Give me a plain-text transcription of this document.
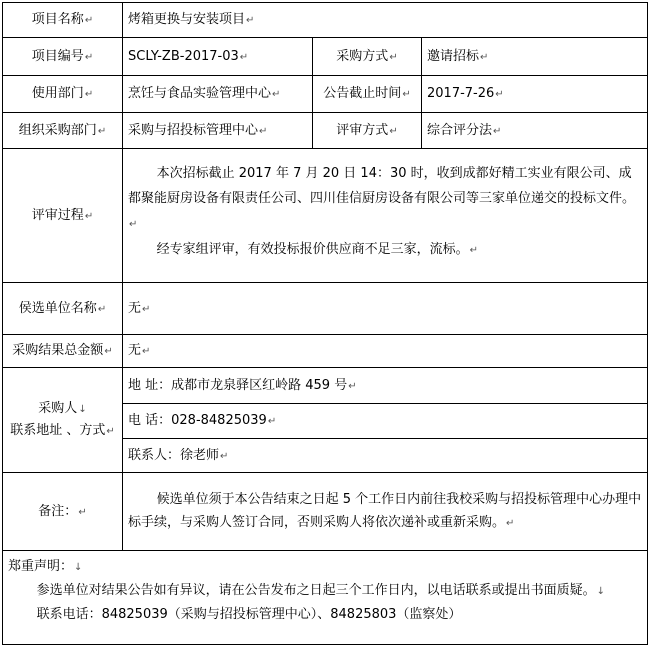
项目名称↵	烤箱更换与安装项目↵		
项目编号↵	SCLY-ZB-2017-03↵	采购方式↵	邀请招标↵
使用部门↵	烹饪与食品实验管理中心↵	公告截止时间↵	2017-7-26↵
组织采购部门↵	采购与招投标管理中心↵	评审方式↵	综合评分法↵
评审过程↵	本次招标截止 2017 年 7 月 20 日 14：30 时，收到成都好精工实业有限公司、成都聚能厨房设备有限责任公司、四川佳信厨房设备有限公司等三家单位递交的投标文件。↵

经专家组评审，有效投标报价供应商不足三家，流标。↵		

侯选单位名称↵	无↵		
采购结果总金额↵	无↵		

采购人↓
联系地址 、方式↵	地 址：成都市龙泉驿区红岭路 459 号↵		
	电 话：028-84825039↵		
	联系人：徐老师↵		
备注：↵	候选单位须于本公告结束之日起 5 个工作日内前往我校采购与招投标管理中心办理中标手续，与采购人签订合同，否则采购人将依次递补或重新采购。↵		

郑重声明：↓

参选单位对结果公告如有异议，请在公告发布之日起三个工作日内，以电话联系或提出书面质疑。↓

联系电话：84825039（采购与招投标管理中心）、84825803（监察处）			
